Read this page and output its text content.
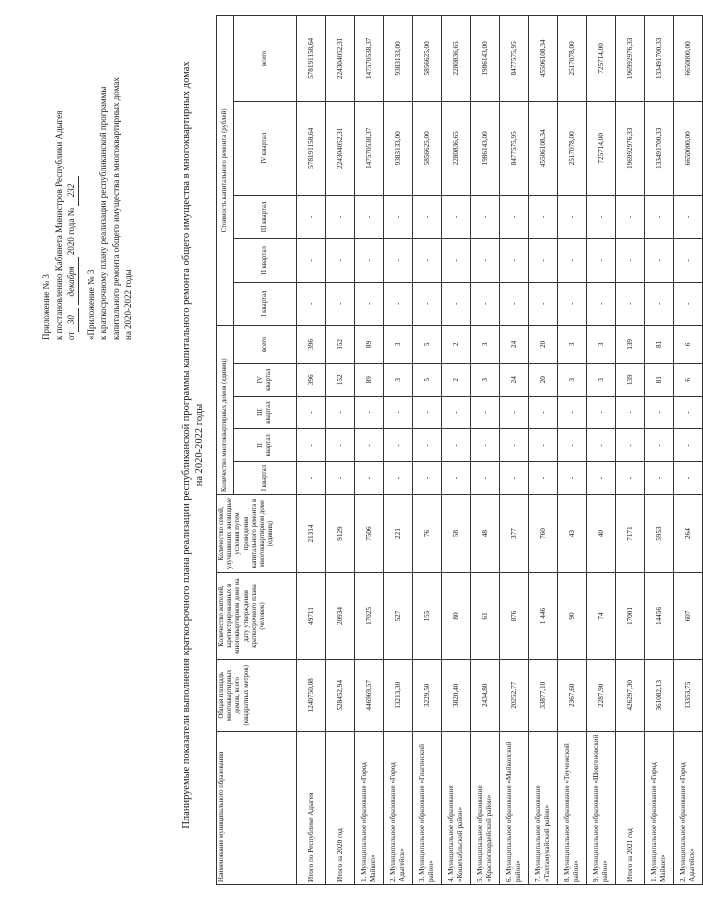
Приложение № 3 к постановлению Кабинета Министров Республики Адыгея от30 декабря 2020 года № 232
«Приложение № 3 к краткосрочному плану реализации республиканской программы капитального ремонта общего имущества в многоквартирных домах на 2020-2022 годы	Планируемые показатели выполнения краткосрочного плана реализации республиканской программы капитального ремонта общего имущества в многоквартирных домах на 2020-2022 годы
Наименование муниципального образования	Общая площадь многоквартирных домов, всего (квадратных метров)	Количество жителей, зарегистрированных в многоквартирном доме на дату утверждения краткосрочного плана (человек)	Количество семей, улучшивших жилищные условия путем проведения капитального ремонта в многоквартирном доме (единиц)	Количество многоквартирных домов (единиц)					Стоимость капитального ремонта (рублей)				
				I квартал	II квартал	III квартал	IV квартал	всего	I квартал	II квартал	III квартал	IV квартал	всего
Итого по Республике Адыгея	1240750,08	49711	21314	-	-	-	396	396	-	-	-	578191158,64	578191158,64
Итого за 2020 год	528452,94	20934	9129	-	-	-	152	152	-	-	-	224304052,31	224304052,31
1. Муниципальное образование «Город Майкоп»	446969,57	17025	7506	-	-	-	89	89	-	-	-	147570538,37	147570538,37
2. Муниципальное образование «Город Адыгейск»	13213,30	527	221	-	-	-	3	3	-	-	-	9383133,00	9383133,00
3. Муниципальное образование «Гиагинский район»	3229,50	155	76	-	-	-	5	5	-	-	-	5856625,00	5856625,00
4. Муниципальное образование «Кошехабльский район»	3820,40	80	58	-	-	-	2	2	-	-	-	2280836,65	2280836,65
5. Муниципальное образование «Красногвардейский район»	2434,80	61	48	-	-	-	3	3	-	-	-	1986143,00	1986143,00
6. Муниципальное образование «Майкопский район»	20252,77	876	377	-	-	-	24	24	-	-	-	8477575,95	8477575,95
7. Муниципальное образование «Тахтамукайский район»	33877,10	1 446	760	-	-	-	20	20	-	-	-	45506108,34	45506108,34
8. Муниципальное образование «Теучежский район»	2367,60	90	43	-	-	-	3	3	-	-	-	2517078,00	2517078,00
9. Муниципальное образование «Шовгеновский район»	2287,90	74	40	-	-	-	3	3	-	-	-	725714,00	725714,00
Итого за 2021 год	426297,30	17001	7171	-	-	-	139	139	-	-	-	196992976,33	196992976,33
1. Муниципальное образование «Город Майкоп»	361082,13	14456	5953	-	-	-	81	81	-	-	-	133491700,33	133491700,33
2. Муниципальное образование «Город Адыгейск»	13353,75	607	264	-	-	-	6	6	-	-	-	6650000,00	6650000,00
